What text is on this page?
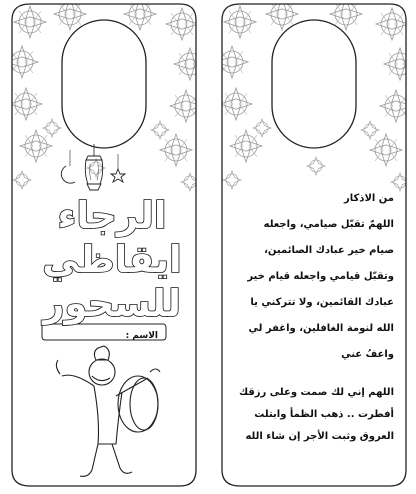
الرجاء
ايقاظي
للسحور
الاسم :
من الاذكار
اللهمّ تقبّل صيامي، واجعله
صيام خير عبادك الصائمين،
وتقبّل قيامي واجعله قيام خير
عبادك القائمين، ولا تتركني يا
الله لنومة الغافلين، واغفر لي
واعفُ عني
اللهم إني لك صمت وعلى رزقك
أفطرت .. ذهب الظمأ وابتلت
العروق وثبت الأجر إن شاء الله
